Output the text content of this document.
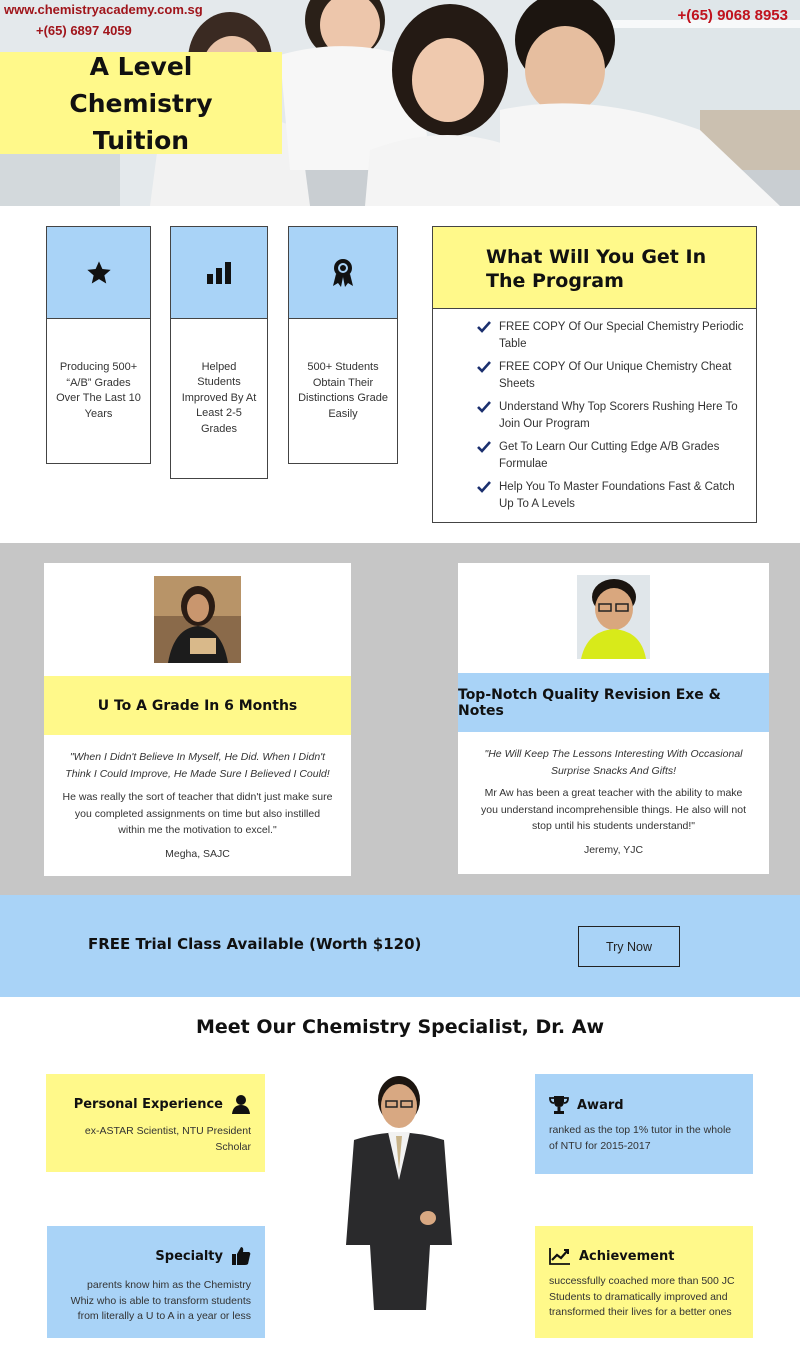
www.chemistryacademy.com.sg
+(65) 6897 4059
+(65) 9068 8953
A Level Chemistry Tuition
Producing 500+ “A/B” Grades Over The Last 10 Years
Helped Students Improved By At Least 2-5 Grades
500+ Students Obtain Their Distinctions Grade Easily
What Will You Get In The Program
FREE COPY Of Our Special Chemistry Periodic Table
FREE COPY Of Our Unique Chemistry Cheat Sheets
Understand Why Top Scorers Rushing Here To Join Our Program
Get To Learn Our Cutting Edge A/B Grades Formulae
Help You To Master Foundations Fast & Catch Up To A Levels
U To A Grade In 6 Months
"When I Didn't Believe In Myself, He Did. When I Didn't Think I Could Improve, He Made Sure I Believed I Could!
He was really the sort of teacher that didn't just make sure you completed assignments on time but also instilled within me the motivation to excel."
Megha, SAJC
Top-Notch Quality Revision Exe & Notes
"He Will Keep The Lessons Interesting With Occasional Surprise Snacks And Gifts!
Mr Aw has been a great teacher with the ability to make you understand incomprehensible things. He also will not stop until his students understand!"
Jeremy, YJC
FREE Trial Class Available (Worth $120)	Try Now
Meet Our Chemistry Specialist, Dr. Aw
Personal Experience
ex-ASTAR Scientist, NTU President Scholar
Award
ranked as the top 1% tutor in the whole of NTU for 2015-2017
Specialty
parents know him as the Chemistry Whiz who is able to transform students from literally a U to A in a year or less
Achievement
successfully coached more than 500 JC Students to dramatically improved and transformed their lives for a better ones
